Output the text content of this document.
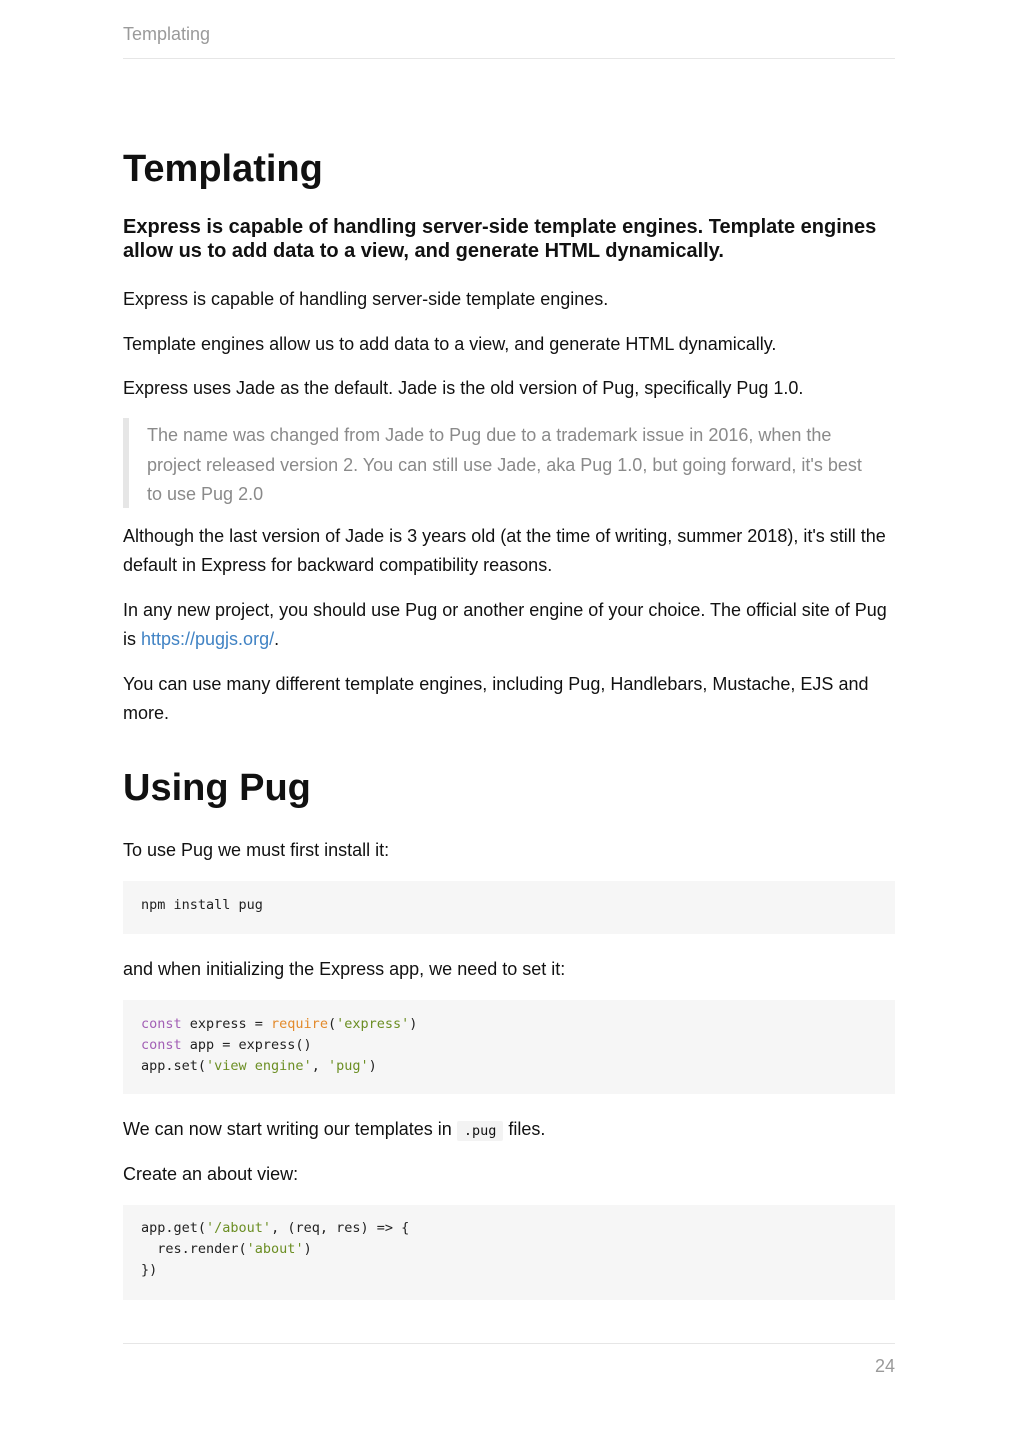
Templating
Templating

Express is capable of handling server-side template engines. Template engines allow us to add data to a view, and generate HTML dynamically.

Express is capable of handling server-side template engines.

Template engines allow us to add data to a view, and generate HTML dynamically.

Express uses Jade as the default. Jade is the old version of Pug, specifically Pug 1.0.

The name was changed from Jade to Pug due to a trademark issue in 2016, when the project released version 2. You can still use Jade, aka Pug 1.0, but going forward, it's best to use Pug 2.0

Although the last version of Jade is 3 years old (at the time of writing, summer 2018), it's still the default in Express for backward compatibility reasons.

In any new project, you should use Pug or another engine of your choice. The official site of Pug is https://pugjs.org/.

You can use many different template engines, including Pug, Handlebars, Mustache, EJS and more.

Using Pug

To use Pug we must first install it:

npm install pug

and when initializing the Express app, we need to set it:

const express = require('express')
const app = express()
app.set('view engine', 'pug')

We can now start writing our templates in .pug files.

Create an about view:

app.get('/about', (req, res) => {
res.render('about')
})
24
